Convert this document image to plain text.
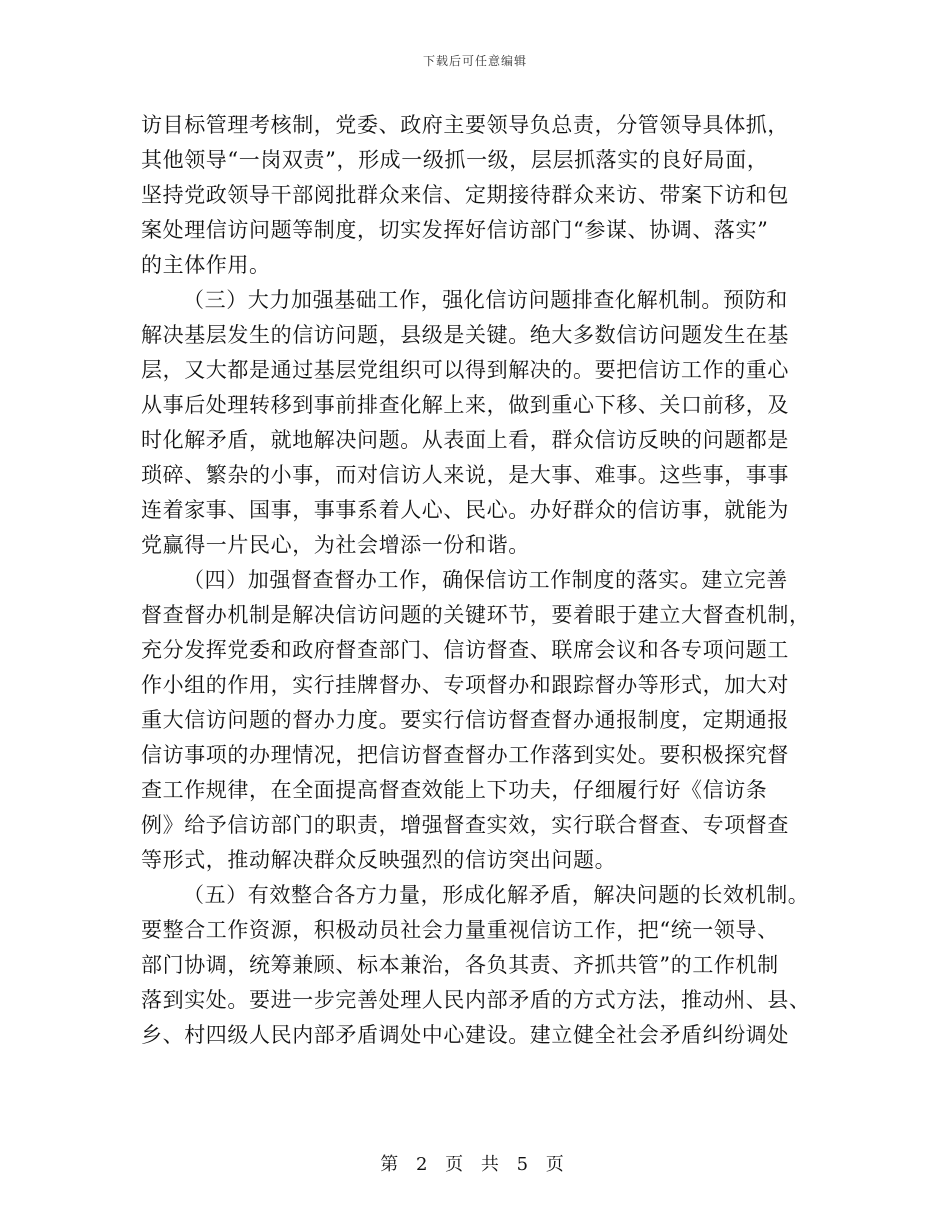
下载后可任意编辑
访目标管理考核制，党委、政府主要领导负总责，分管领导具体抓，
其他领导“一岗双责”，形成一级抓一级，层层抓落实的良好局面，
坚持党政领导干部阅批群众来信、定期接待群众来访、带案下访和包
案处理信访问题等制度，切实发挥好信访部门“参谋、协调、落实”
的主体作用。
（三）大力加强基础工作，强化信访问题排查化解机制。预防和
解决基层发生的信访问题，县级是关键。绝大多数信访问题发生在基
层，又大都是通过基层党组织可以得到解决的。要把信访工作的重心
从事后处理转移到事前排查化解上来，做到重心下移、关口前移，及
时化解矛盾，就地解决问题。从表面上看，群众信访反映的问题都是
琐碎、繁杂的小事，而对信访人来说，是大事、难事。这些事，事事
连着家事、国事，事事系着人心、民心。办好群众的信访事，就能为
党赢得一片民心，为社会增添一份和谐。
（四）加强督查督办工作，确保信访工作制度的落实。建立完善
督查督办机制是解决信访问题的关键环节，要着眼于建立大督查机制，
充分发挥党委和政府督查部门、信访督查、联席会议和各专项问题工
作小组的作用，实行挂牌督办、专项督办和跟踪督办等形式，加大对
重大信访问题的督办力度。要实行信访督查督办通报制度，定期通报
信访事项的办理情况，把信访督查督办工作落到实处。要积极探究督
查工作规律，在全面提高督查效能上下功夫，仔细履行好《信访条
例》给予信访部门的职责，增强督查实效，实行联合督查、专项督查
等形式，推动解决群众反映强烈的信访突出问题。
（五）有效整合各方力量，形成化解矛盾，解决问题的长效机制。
要整合工作资源，积极动员社会力量重视信访工作，把“统一领导、
部门协调，统筹兼顾、标本兼治，各负其责、齐抓共管”的工作机制
落到实处。要进一步完善处理人民内部矛盾的方式方法，推动州、县、
乡、村四级人民内部矛盾调处中心建设。建立健全社会矛盾纠纷调处
第 2 页 共 5 页
